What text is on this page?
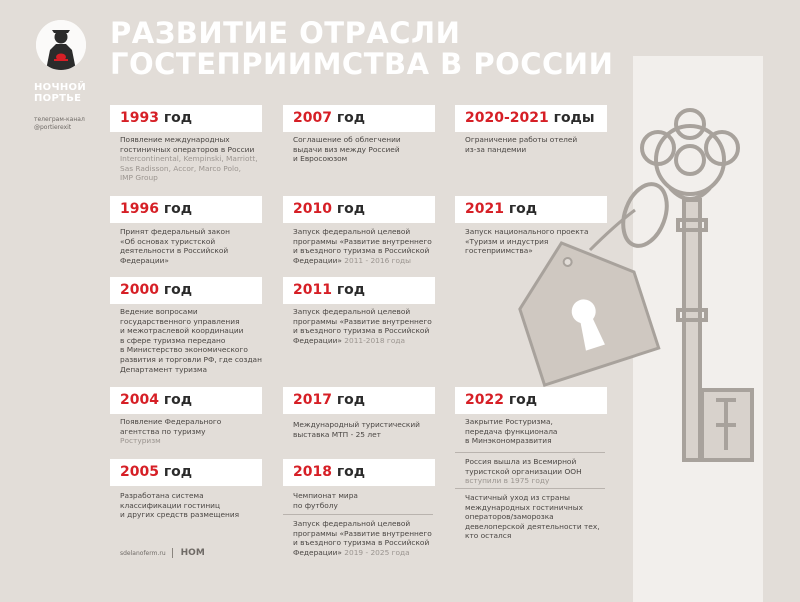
НОЧНОЙ
ПОРТЬЕ
телеграм-канал
@portierexit
РАЗВИТИЕ ОТРАСЛИ
ГОСТЕПРИИМСТВА В РОССИИ
1993 год
Появление международных
гостиничных операторов в России
Intercontinental, Kempinski, Marriott,
Sas Radisson, Accor, Marco Polo,
IMP Group
1996 год
Принят федеральный закон
«Об основах туристской
деятельности в Российской
Федерации»
2000 год
Ведение вопросами
государственного управления
и межотраслевой координации
в сфере туризма передано
в Министерство экономического
развития и торговли РФ, где создан
Департамент туризма
2004 год
Появление Федерального
агентства по туризму
Ростуризм
2005 год
Разработана система
классификации гостиниц
и других средств размещения
2007 год
Соглашение об облегчении
выдачи виз между Россией
и Евросоюзом
2010 год
Запуск федеральной целевой
программы «Развитие внутреннего
и въездного туризма в Российской
Федерации» 2011 - 2016 годы
2011 год
Запуск федеральной целевой
программы «Развитие внутреннего
и въездного туризма в Российской
Федерации» 2011-2018 года
2017 год
Международный туристический
выставка МТП - 25 лет
2018 год
Чемпионат мира
по футболу
Запуск федеральной целевой
программы «Развитие внутреннего
и въездного туризма в Российской
Федерации» 2019 - 2025 года
2020-2021 годы
Ограничение работы отелей
из-за пандемии
2021 год
Запуск национального проекта
«Туризм и индустрия
гостеприимства»
2022 год
Закрытие Ростуризма,
передача функционала
в Минэкономразвития
Россия вышла из Всемирной
туристской организации ООН
вступили в 1975 году
Частичный уход из страны
международных гостиничных
операторов/заморозка
девелоперской деятельности тех,
кто остался
sdelanoferm.ru НОМ
